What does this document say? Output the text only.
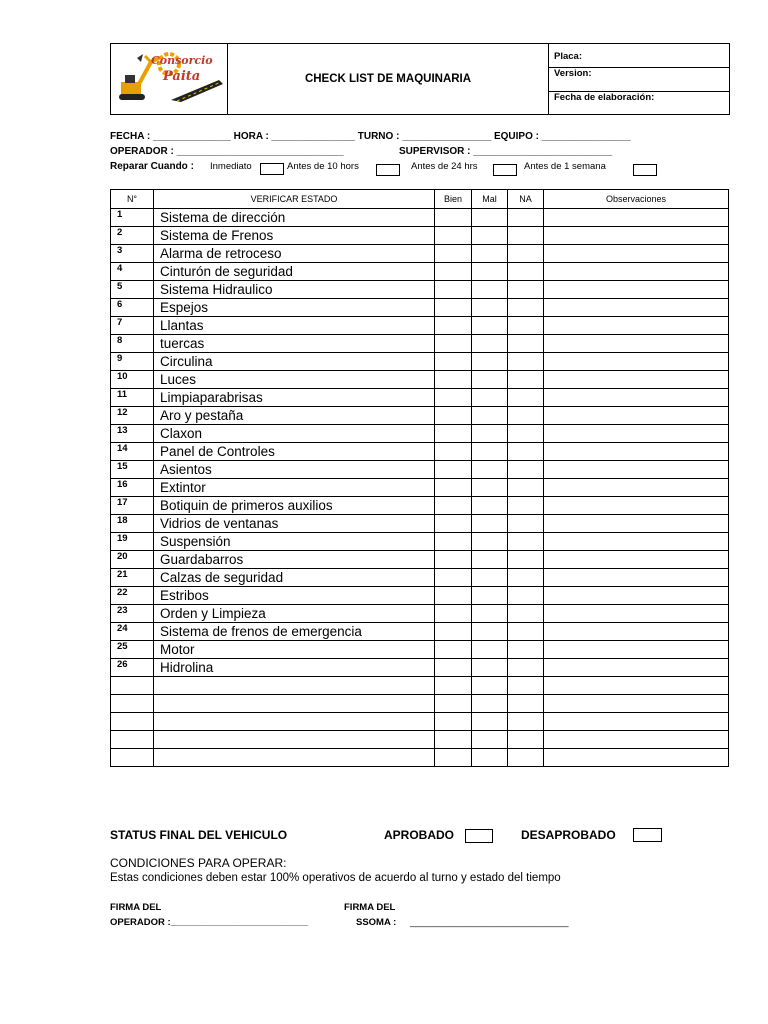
Consorcio
Paita	CHECK LIST DE MAQUINARIA
Placa:
Version:
Fecha de elaboración:
FECHA : ______________ HORA : _______________ TURNO : ________________ EQUIPO : ________________
OPERADOR : ______________________________	SUPERVISOR : _________________________
Reparar Cuando : Inmediato	Antes de 10 hors	Antes de 24 hrs	Antes de 1 semana
N°	VERIFICAR ESTADO	Bien	Mal	NA	Observaciones
1	Sistema de dirección				
2	Sistema de Frenos				
3	Alarma de retroceso				
4	Cinturón de seguridad				
5	Sistema Hidraulico				
6	Espejos				
7	Llantas				
8	tuercas				
9	Circulina				
10	Luces				
11	Limpiaparabrisas				
12	Aro y pestaña				
13	Claxon				
14	Panel de Controles				
15	Asientos				
16	Extintor				
17	Botiquin de primeros auxilios				
18	Vidrios de ventanas				
19	Suspensión				
20	Guardabarros				
21	Calzas de seguridad				
22	Estribos				
23	Orden y Limpieza				
24	Sistema de frenos de emergencia				
25	Motor				
26	Hidrolina				

STATUS FINAL DEL VEHICULO	APROBADO	DESAPROBADO
CONDICIONES PARA OPERAR:
Estas condiciones deben estar 100% operativos de acuerdo al turno y estado del tiempo
FIRMA DEL
OPERADOR :__________________________
FIRMA DEL
SSOMA : ______________________________
